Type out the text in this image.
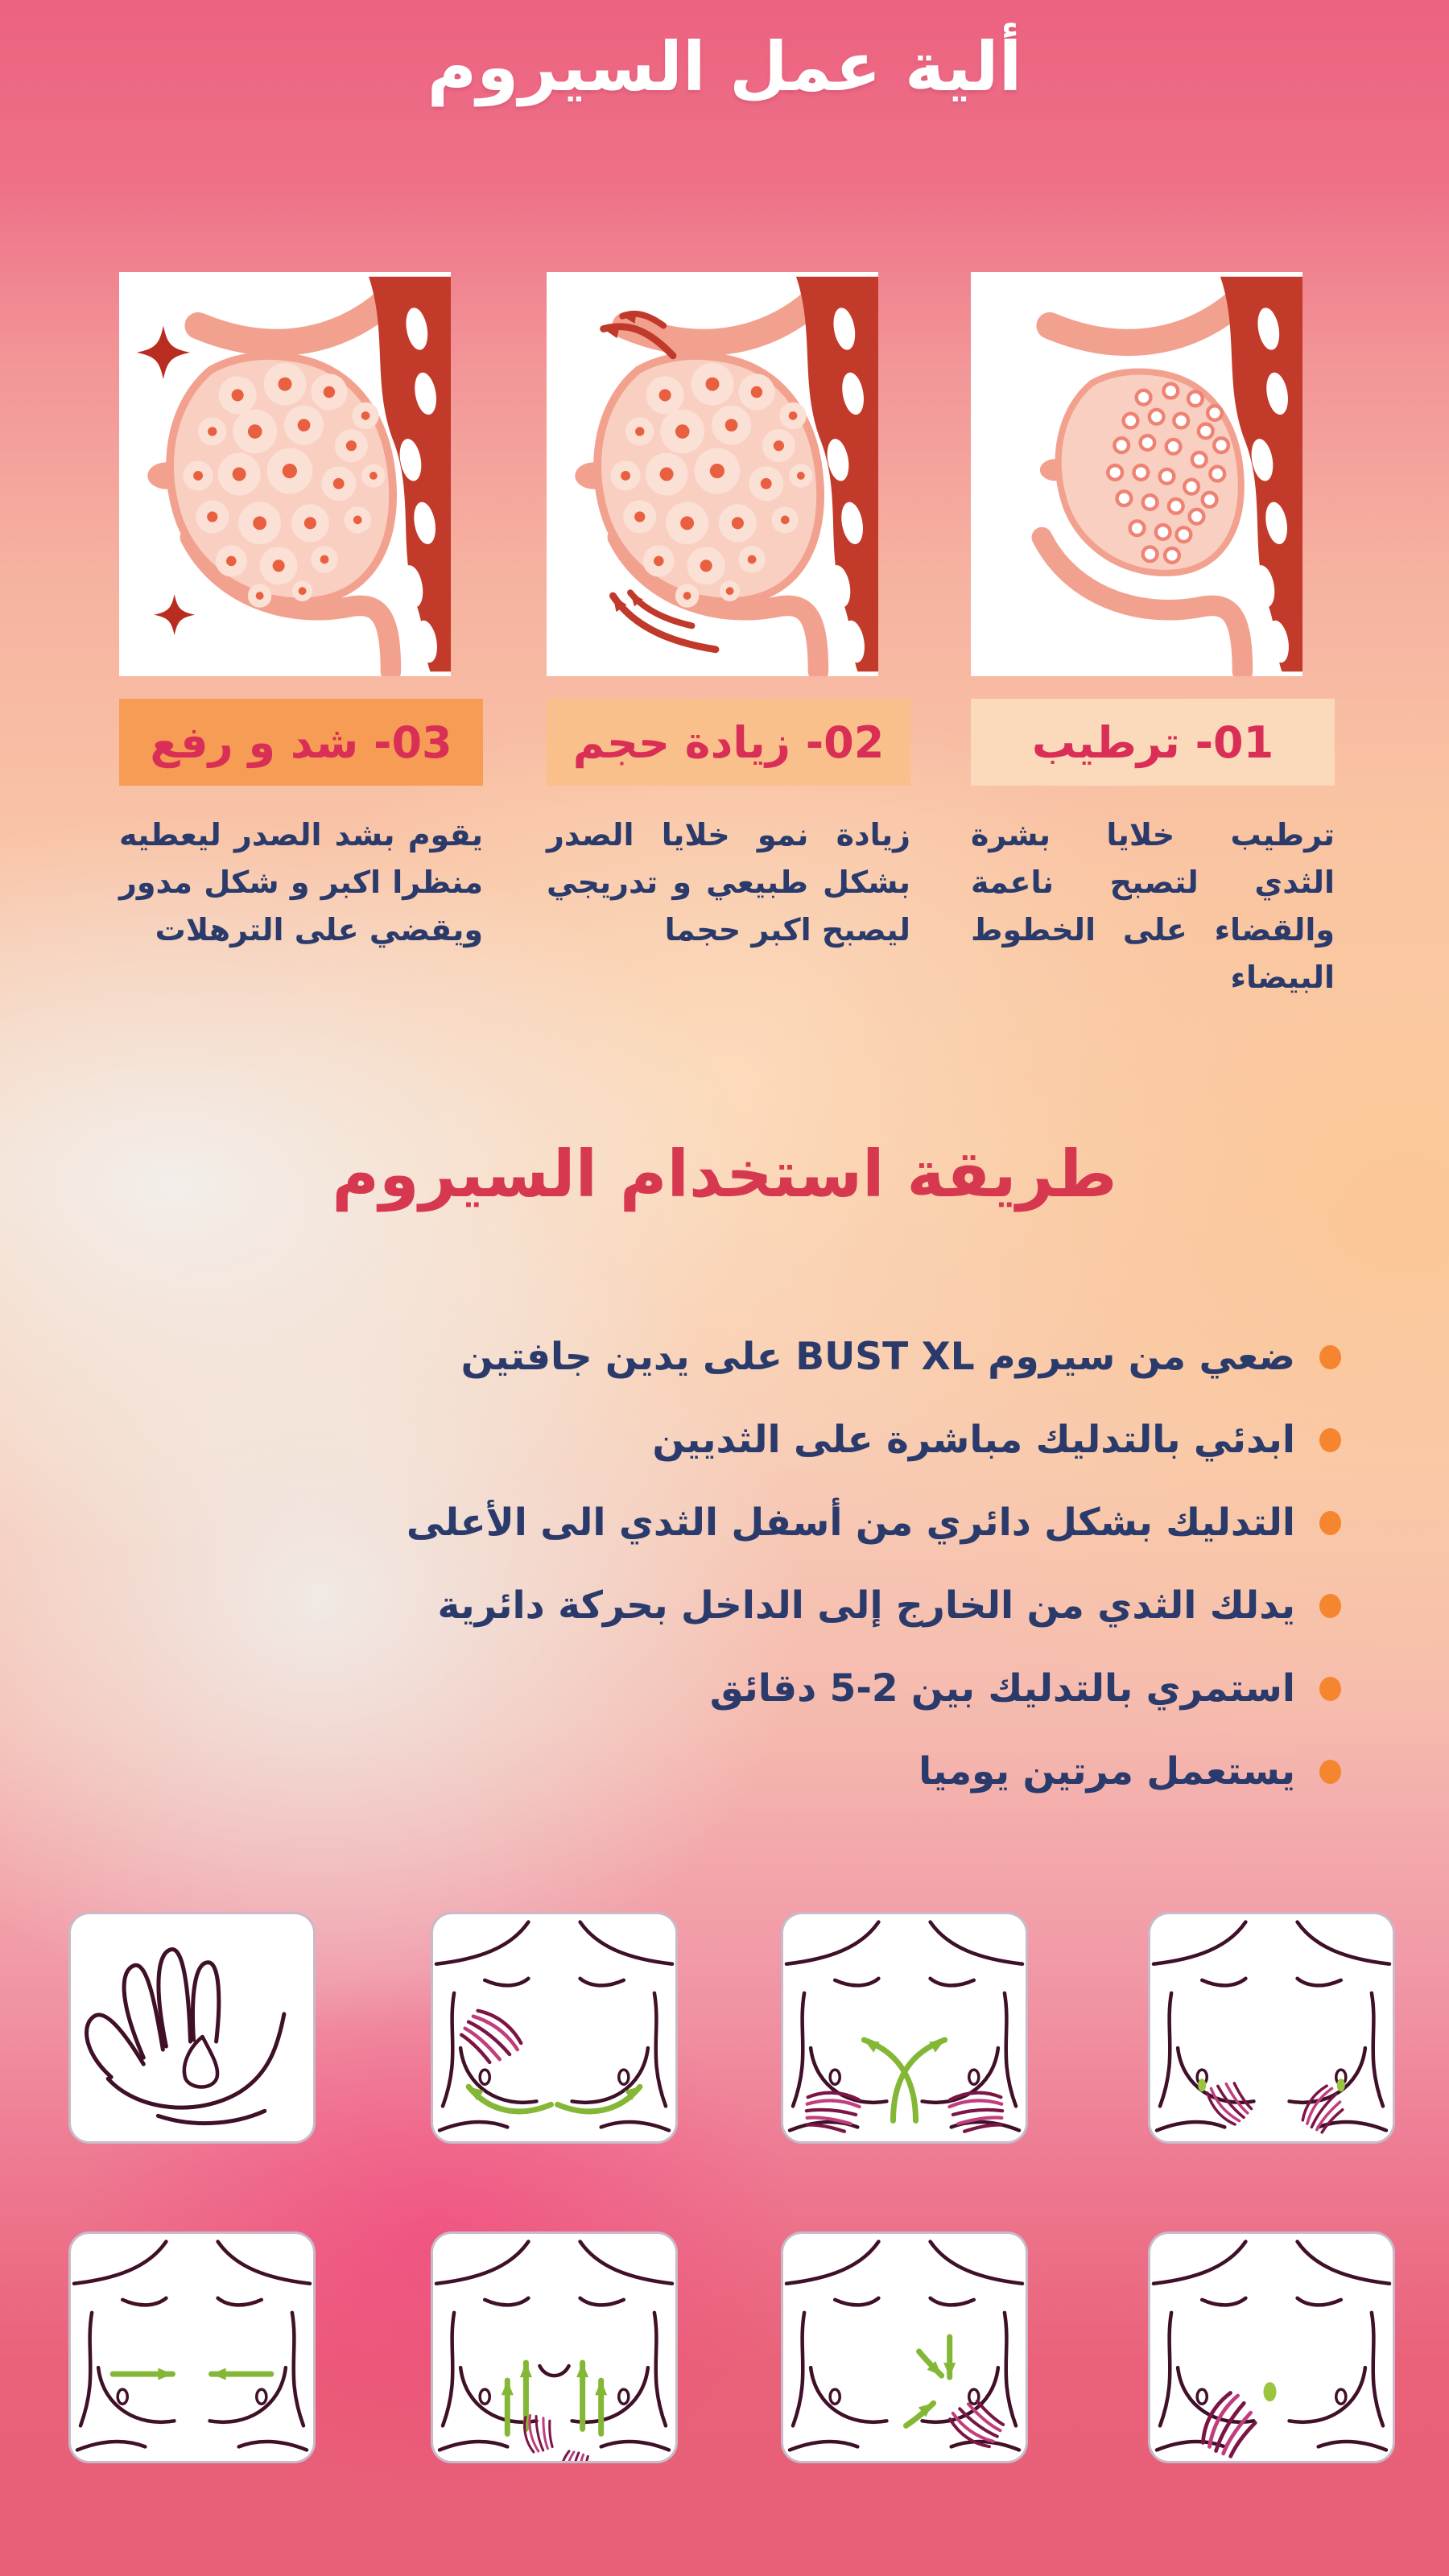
ألية عمل السيروم
01- ترطيب
ترطيب خلايا بشرة الثدي لتصبح ناعمة والقضاء على الخطوط البيضاء
02- زيادة حجم
زيادة نمو خلايا الصدر بشكل طبيعي و تدريجي ليصبح اكبر حجما
03- شد و رفع
يقوم بشد الصدر ليعطيه منظرا اكبر و شكل مدور ويقضي على الترهلات
طريقة استخدام السيروم
ضعي من سيروم BUST XL على يدين جافتين
ابدئي بالتدليك مباشرة على الثديين
التدليك بشكل دائري من أسفل الثدي الى الأعلى
يدلك الثدي من الخارج إلى الداخل بحركة دائرية
استمري بالتدليك بين 2-5 دقائق
يستعمل مرتين يوميا
